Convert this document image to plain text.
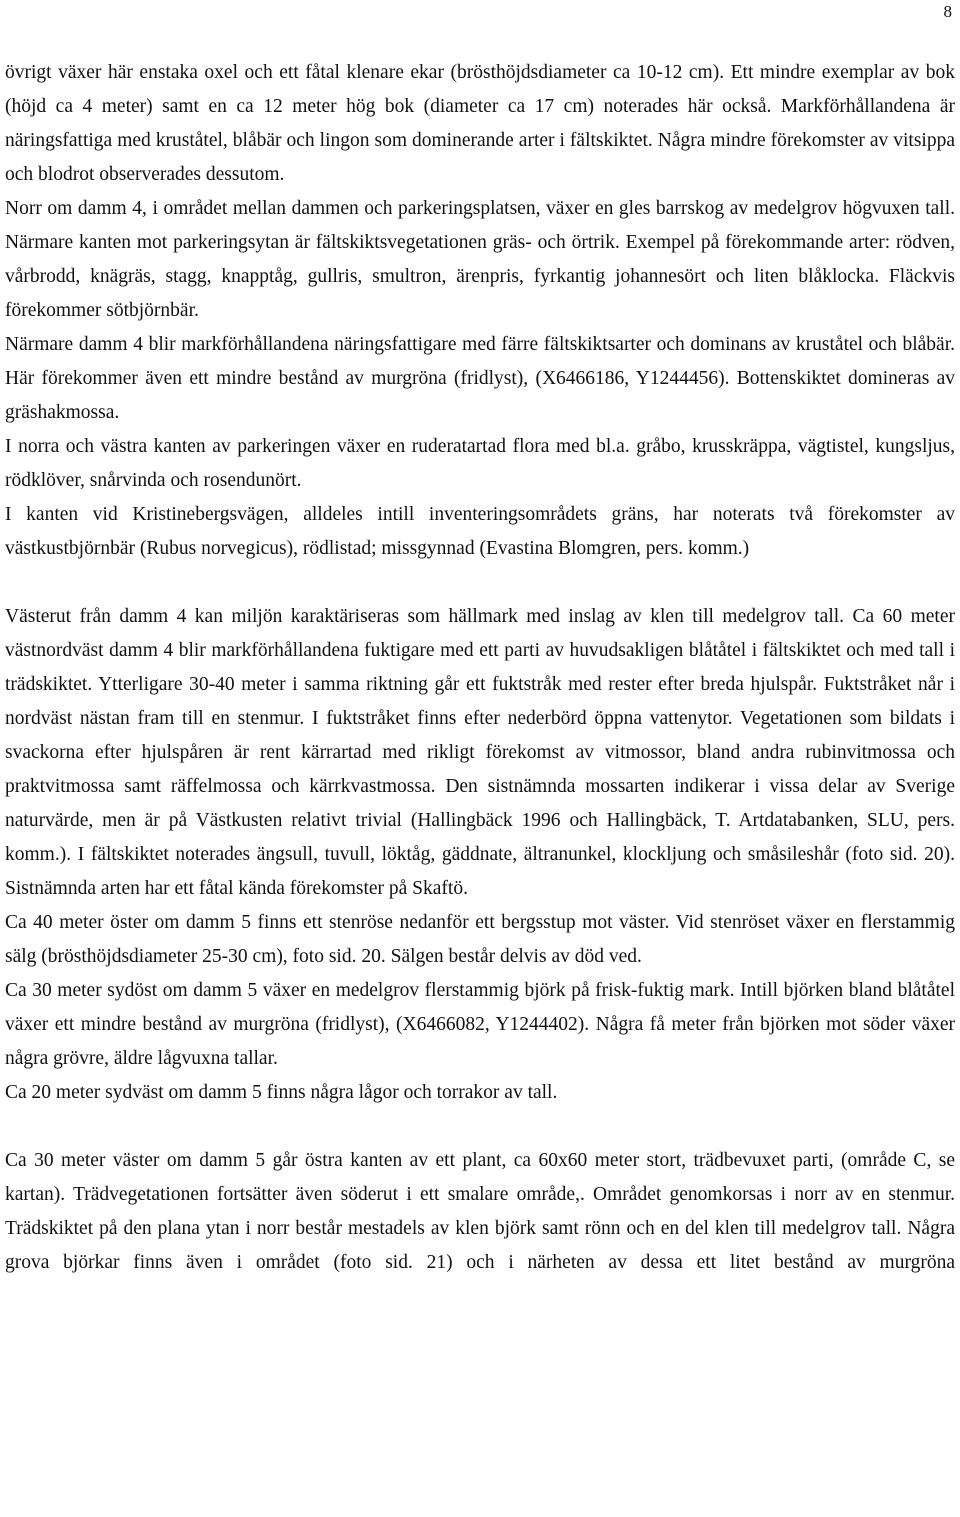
8

övrigt växer här enstaka oxel och ett fåtal klenare ekar (brösthöjdsdiameter ca 10-12 cm). Ett mindre exemplar av bok (höjd ca 4 meter) samt en ca 12 meter hög bok (diameter ca 17 cm) noterades här också. Markförhållandena är näringsfattiga med kruståtel, blåbär och lingon som dominerande arter i fältskiktet. Några mindre förekomster av vitsippa och blodrot observerades dessutom.

Norr om damm 4, i området mellan dammen och parkeringsplatsen, växer en gles barrskog av medelgrov högvuxen tall. Närmare kanten mot parkeringsytan är fältskiktsvegetationen gräs- och örtrik. Exempel på förekommande arter: rödven, vårbrodd, knägräs, stagg, knapptåg, gullris, smultron, ärenpris, fyrkantig johannesört och liten blåklocka. Fläckvis förekommer sötbjörnbär.

Närmare damm 4 blir markförhållandena näringsfattigare med färre fältskiktsarter och dominans av kruståtel och blåbär. Här förekommer även ett mindre bestånd av murgröna (fridlyst), (X6466186, Y1244456). Bottenskiktet domineras av gräshakmossa.

I norra och västra kanten av parkeringen växer en ruderatartad flora med bl.a. gråbo, krusskräppa, vägtistel, kungsljus, rödklöver, snårvinda och rosendunört.

I kanten vid Kristinebergsvägen, alldeles intill inventeringsområdets gräns, har noterats två förekomster av västkustbjörnbär (Rubus norvegicus), rödlistad; missgynnad (Evastina Blomgren, pers. komm.)

Västerut från damm 4 kan miljön karaktäriseras som hällmark med inslag av klen till medelgrov tall. Ca 60 meter västnordväst damm 4 blir markförhållandena fuktigare med ett parti av huvudsakligen blåtåtel i fältskiktet och med tall i trädskiktet. Ytterligare 30-40 meter i samma riktning går ett fuktstråk med rester efter breda hjulspår. Fuktstråket når i nordväst nästan fram till en stenmur. I fuktstråket finns efter nederbörd öppna vattenytor. Vegetationen som bildats i svackorna efter hjulspåren är rent kärrartad med rikligt förekomst av vitmossor, bland andra rubinvitmossa och praktvitmossa samt räffelmossa och kärrkvastmossa. Den sistnämnda mossarten indikerar i vissa delar av Sverige naturvärde, men är på Västkusten relativt trivial (Hallingbäck 1996 och Hallingbäck, T. Artdatabanken, SLU, pers. komm.). I fältskiktet noterades ängsull, tuvull, löktåg, gäddnate, ältranunkel, klockljung och småsileshår (foto sid. 20). Sistnämnda arten har ett fåtal kända förekomster på Skaftö.

Ca 40 meter öster om damm 5 finns ett stenröse nedanför ett bergsstup mot väster. Vid stenröset växer en flerstammig sälg (brösthöjdsdiameter 25-30 cm), foto sid. 20. Sälgen består delvis av död ved.

Ca 30 meter sydöst om damm 5 växer en medelgrov flerstammig björk på frisk-fuktig mark. Intill björken bland blåtåtel växer ett mindre bestånd av murgröna (fridlyst), (X6466082, Y1244402). Några få meter från björken mot söder växer några grövre, äldre lågvuxna tallar.

Ca 20 meter sydväst om damm 5 finns några lågor och torrakor av tall.

Ca 30 meter väster om damm 5 går östra kanten av ett plant, ca 60x60 meter stort, trädbevuxet parti, (område C, se kartan). Trädvegetationen fortsätter även söderut i ett smalare område,. Området genomkorsas i norr av en stenmur. Trädskiktet på den plana ytan i norr består mestadels av klen björk samt rönn och en del klen till medelgrov tall. Några grova björkar finns även i området (foto sid. 21) och i närheten av dessa ett litet bestånd av murgröna
